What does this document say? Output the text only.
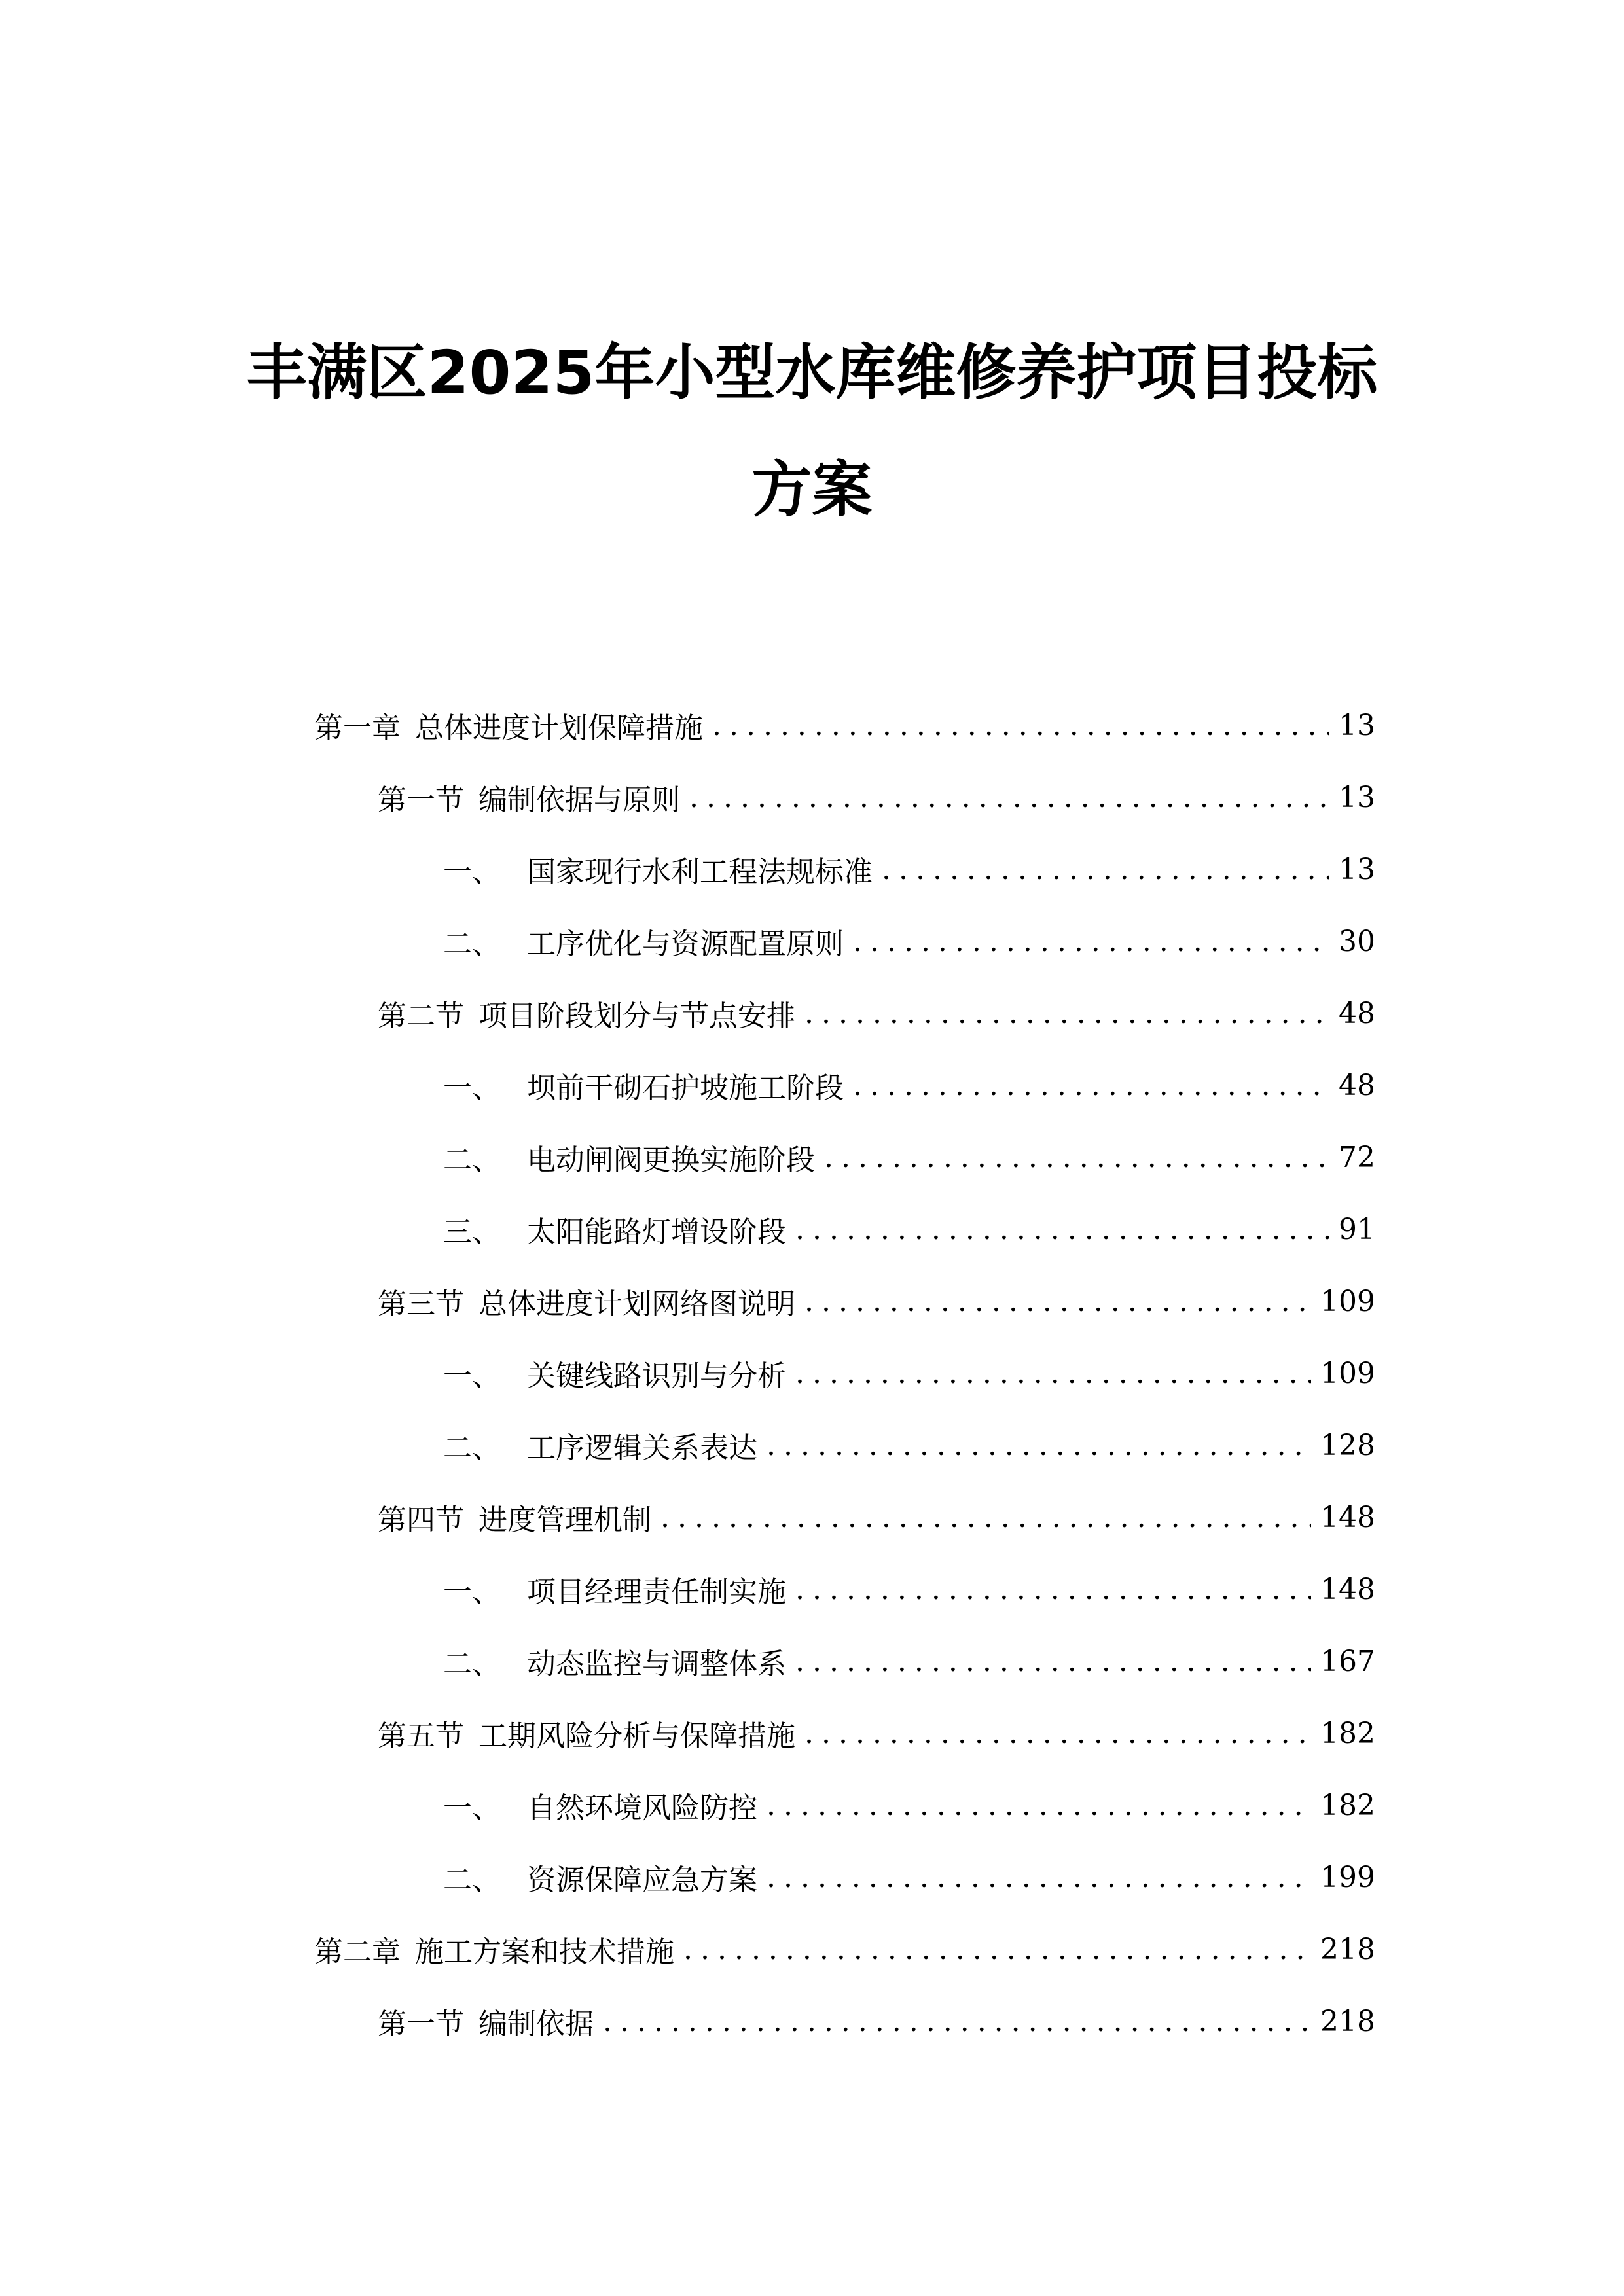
丰满区2025年小型水库维修养护项目投标
方案
第一章 总体进度计划保障措施 .....	13
第一节 编制依据与原则 .....	13
一、 国家现行水利工程法规标准 .....	13
二、 工序优化与资源配置原则 .....	30
第二节 项目阶段划分与节点安排 .....	48
一、 坝前干砌石护坡施工阶段 .....	48
二、 电动闸阀更换实施阶段 .....	72
三、 太阳能路灯增设阶段 .....	91
第三节 总体进度计划网络图说明 .....	109
一、 关键线路识别与分析 .....	109
二、 工序逻辑关系表达 .....	128
第四节 进度管理机制 .....	148
一、 项目经理责任制实施 .....	148
二、 动态监控与调整体系 .....	167
第五节 工期风险分析与保障措施 .....	182
一、 自然环境风险防控 .....	182
二、 资源保障应急方案 .....	199
第二章 施工方案和技术措施 .....	218
第一节 编制依据 .....	218
